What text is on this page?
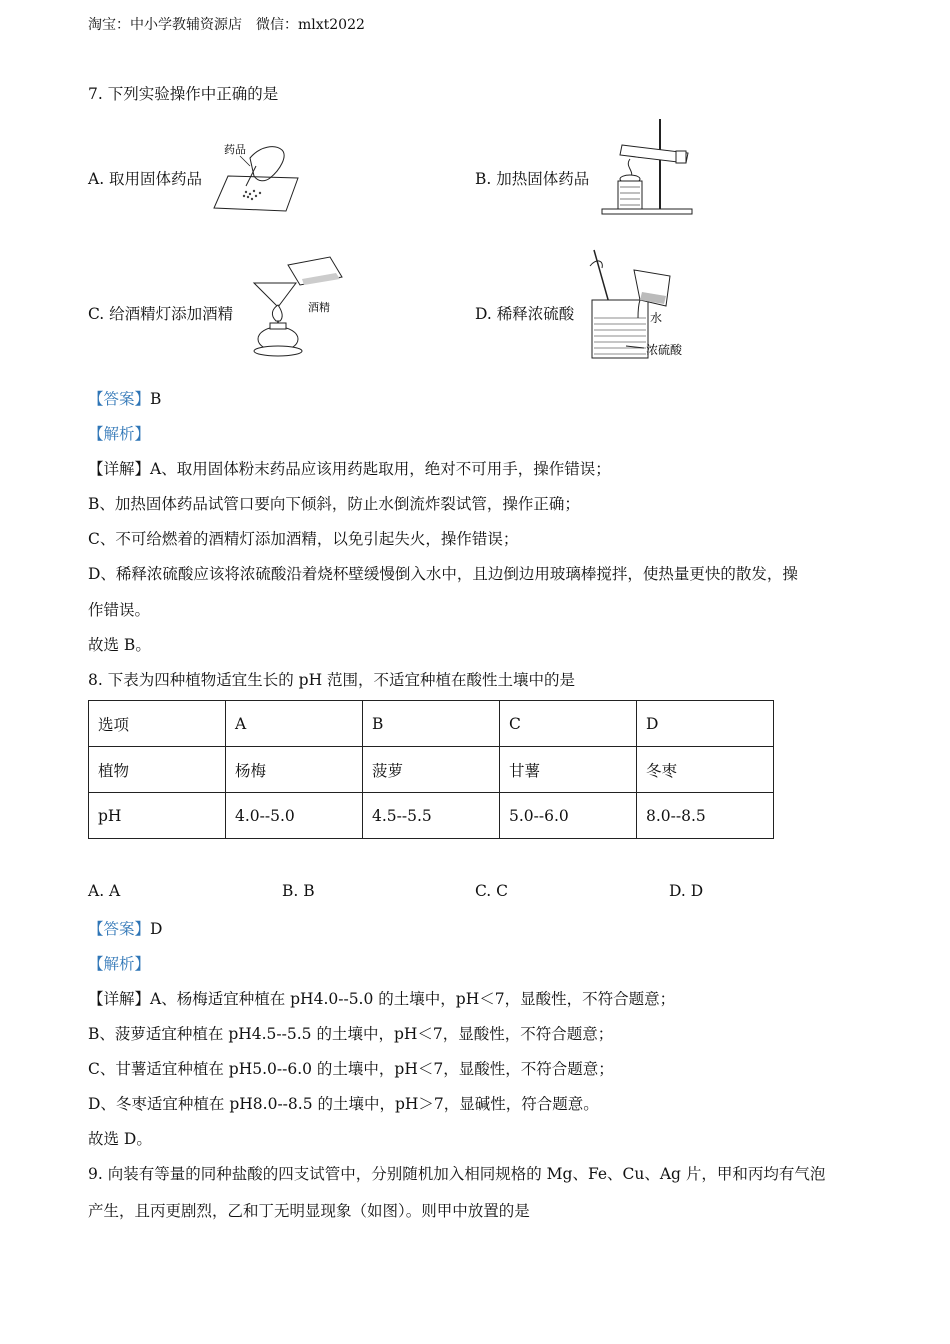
淘宝：中小学教辅资源店　微信：mlxt2022
7. 下列实验操作中正确的是
A. 取用固体药品	B. 加热固体药品
C. 给酒精灯添加酒精	D. 稀释浓硫酸
药品
酒精
水
浓硫酸
【答案】B
【解析】
【详解】A、取用固体粉末药品应该用药匙取用，绝对不可用手，操作错误；
B、加热固体药品试管口要向下倾斜，防止水倒流炸裂试管，操作正确；
C、不可给燃着的酒精灯添加酒精，以免引起失火，操作错误；
D、稀释浓硫酸应该将浓硫酸沿着烧杯壁缓慢倒入水中，且边倒边用玻璃棒搅拌，使热量更快的散发，操
作错误。
故选 B。
8. 下表为四种植物适宜生长的 pH 范围，不适宜种植在酸性土壤中的是
选项	A	B	C	D
植物	杨梅	菠萝	甘薯	冬枣
pH	4.0--5.0	4.5--5.5	5.0--6.0	8.0--8.5
A. A	B. B	C. C	D. D
【答案】D
【解析】
【详解】A、杨梅适宜种植在 pH4.0--5.0 的土壤中，pH＜7，显酸性，不符合题意；
B、菠萝适宜种植在 pH4.5--5.5 的土壤中，pH＜7，显酸性，不符合题意；
C、甘薯适宜种植在 pH5.0--6.0 的土壤中，pH＜7，显酸性，不符合题意；
D、冬枣适宜种植在 pH8.0--8.5 的土壤中，pH＞7，显碱性，符合题意。
故选 D。
9. 向装有等量的同种盐酸的四支试管中，分别随机加入相同规格的 Mg、Fe、Cu、Ag 片，甲和丙均有气泡
产生，且丙更剧烈，乙和丁无明显现象（如图）。则甲中放置的是
